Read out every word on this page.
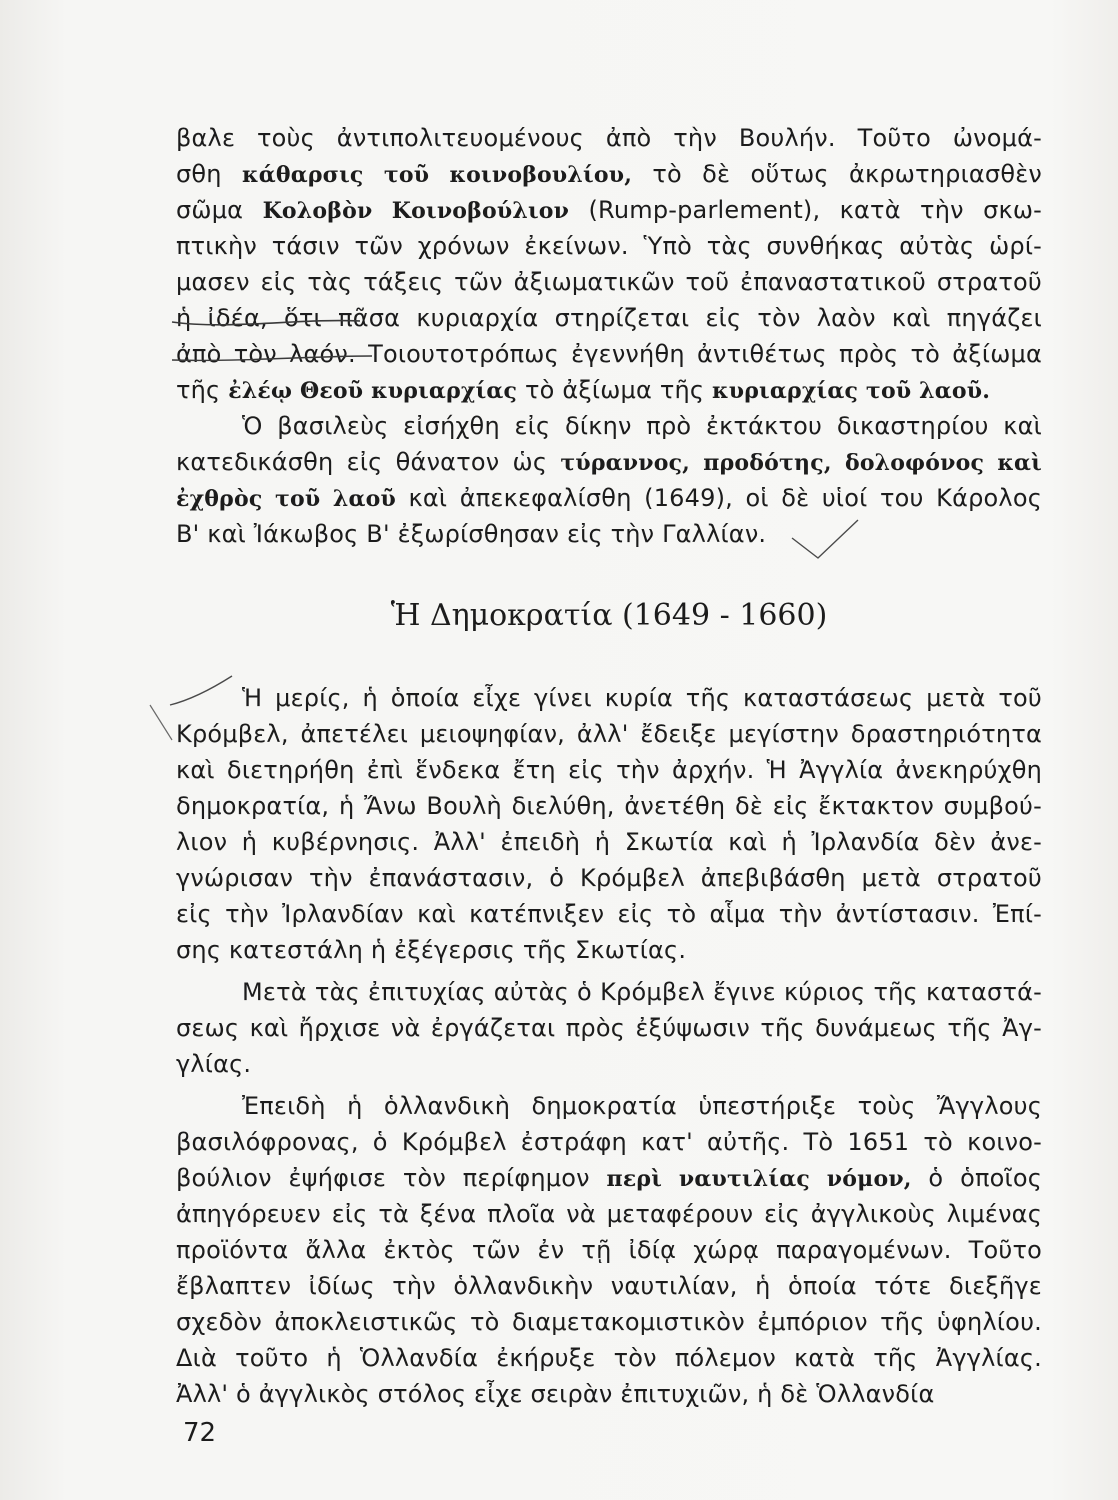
βαλε τοὺς ἀντιπολιτευομένους ἀπὸ τὴν Βουλήν. Τοῦτο ὠνομά-
σθη κάθαρσις τοῦ κοινοβουλίου, τὸ δὲ οὕτως ἀκρωτηριασθὲν
σῶμα Κολοβὸν Κοινοβούλιον (Rump-parlement), κατὰ τὴν σκω-
πτικὴν τάσιν τῶν χρόνων ἐκείνων. Ὑπὸ τὰς συνθήκας αὐτὰς ὡρί-
μασεν εἰς τὰς τάξεις τῶν ἀξιωματικῶν τοῦ ἐπαναστατικοῦ στρατοῦ
ἡ ἰδέα, ὅτι πᾶσα κυριαρχία στηρίζεται εἰς τὸν λαὸν καὶ πηγάζει
ἀπὸ τὸν λαόν. Τοιουτοτρόπως ἐγεννήθη ἀντιθέτως πρὸς τὸ ἀξίωμα
τῆς ἐλέῳ Θεοῦ κυριαρχίας τὸ ἀξίωμα τῆς κυριαρχίας τοῦ λαοῦ.
Ὁ βασιλεὺς εἰσήχθη εἰς δίκην πρὸ ἐκτάκτου δικαστηρίου καὶ
κατεδικάσθη εἰς θάνατον ὡς τύραννος, προδότης, δολοφόνος καὶ
ἐχθρὸς τοῦ λαοῦ καὶ ἀπεκεφαλίσθη (1649), οἱ δὲ υἱοί του Κάρολος
Β' καὶ Ἰάκωβος Β' ἐξωρίσθησαν εἰς τὴν Γαλλίαν.
Ἡ Δημοκρατία (1649 - 1660)
Ἡ μερίς, ἡ ὁποία εἶχε γίνει κυρία τῆς καταστάσεως μετὰ τοῦ
Κρόμβελ, ἀπετέλει μειοψηφίαν, ἀλλ' ἔδειξε μεγίστην δραστηριότητα
καὶ διετηρήθη ἐπὶ ἕνδεκα ἔτη εἰς τὴν ἀρχήν. Ἡ Ἀγγλία ἀνεκηρύχθη
δημοκρατία, ἡ Ἄνω Βουλὴ διελύθη, ἀνετέθη δὲ εἰς ἔκτακτον συμβού-
λιον ἡ κυβέρνησις. Ἀλλ' ἐπειδὴ ἡ Σκωτία καὶ ἡ Ἰρλανδία δὲν ἀνε-
γνώρισαν τὴν ἐπανάστασιν, ὁ Κρόμβελ ἀπεβιβάσθη μετὰ στρατοῦ
εἰς τὴν Ἰρλανδίαν καὶ κατέπνιξεν εἰς τὸ αἷμα τὴν ἀντίστασιν. Ἐπί-
σης κατεστάλη ἡ ἐξέγερσις τῆς Σκωτίας.
Μετὰ τὰς ἐπιτυχίας αὐτὰς ὁ Κρόμβελ ἔγινε κύριος τῆς καταστά-
σεως καὶ ἤρχισε νὰ ἐργάζεται πρὸς ἐξύψωσιν τῆς δυνάμεως τῆς Ἀγ-
γλίας.
Ἐπειδὴ ἡ ὁλλανδικὴ δημοκρατία ὑπεστήριξε τοὺς Ἄγγλους
βασιλόφρονας, ὁ Κρόμβελ ἐστράφη κατ' αὐτῆς. Τὸ 1651 τὸ κοινο-
βούλιον ἐψήφισε τὸν περίφημον περὶ ναυτιλίας νόμον, ὁ ὁποῖος
ἀπηγόρευεν εἰς τὰ ξένα πλοῖα νὰ μεταφέρουν εἰς ἀγγλικοὺς λιμένας
προϊόντα ἄλλα ἐκτὸς τῶν ἐν τῇ ἰδίᾳ χώρᾳ παραγομένων. Τοῦτο
ἔβλαπτεν ἰδίως τὴν ὁλλανδικὴν ναυτιλίαν, ἡ ὁποία τότε διεξῆγε
σχεδὸν ἀποκλειστικῶς τὸ διαμετακομιστικὸν ἐμπόριον τῆς ὑφηλίου.
Διὰ τοῦτο ἡ Ὁλλανδία ἐκήρυξε τὸν πόλεμον κατὰ τῆς Ἀγγλίας.
Ἀλλ' ὁ ἀγγλικὸς στόλος εἶχε σειρὰν ἐπιτυχιῶν, ἡ δὲ Ὁλλανδία
72
